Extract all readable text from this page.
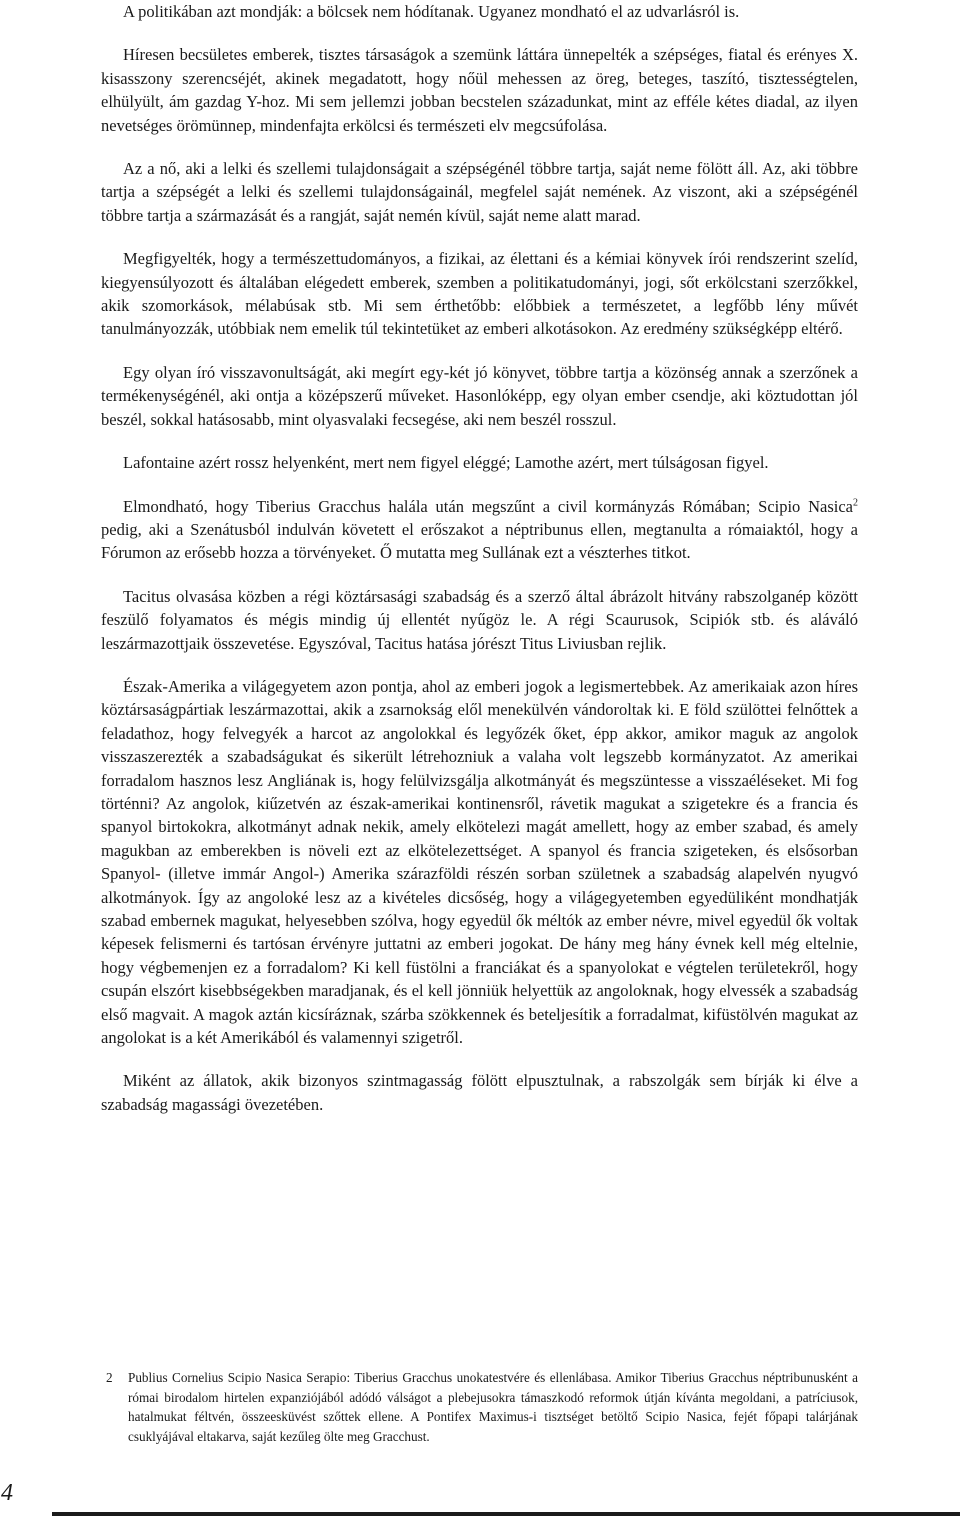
A politikában azt mondják: a bölcsek nem hódítanak. Ugyanez mondható el az udvarlásról is.

Híresen becsületes emberek, tisztes társaságok a szemünk láttára ünnepelték a szépséges, fiatal és erényes X. kisasszony szerencséjét, akinek megadatott, hogy nőül mehessen az öreg, beteges, taszító, tisztességtelen, elhülyült, ám gazdag Y-hoz. Mi sem jellemzi jobban becstelen századunkat, mint az efféle kétes diadal, az ilyen nevetséges örömünnep, mindenfajta erkölcsi és természeti elv megcsúfolása.

Az a nő, aki a lelki és szellemi tulajdonságait a szépségénél többre tartja, saját neme fölött áll. Az, aki többre tartja a szépségét a lelki és szellemi tulajdonságainál, megfelel saját nemének. Az viszont, aki a szépségénél többre tartja a származását és a rangját, saját nemén kívül, saját neme alatt marad.

Megfigyelték, hogy a természettudományos, a fizikai, az élettani és a kémiai könyvek írói rendszerint szelíd, kiegyensúlyozott és általában elégedett emberek, szemben a politikatudományi, jogi, sőt erkölcstani szerzőkkel, akik szomorkások, mélabúsak stb. Mi sem érthetőbb: előbbiek a természetet, a legfőbb lény művét tanulmányozzák, utóbbiak nem emelik túl tekintetüket az emberi alkotásokon. Az eredmény szükségképp eltérő.

Egy olyan író visszavonultságát, aki megírt egy-két jó könyvet, többre tartja a közönség annak a szerzőnek a termékenységénél, aki ontja a középszerű műveket. Hasonlóképp, egy olyan ember csendje, aki köztudottan jól beszél, sokkal hatásosabb, mint olyasvalaki fecsegése, aki nem beszél rosszul.

Lafontaine azért rossz helyenként, mert nem figyel eléggé; Lamothe azért, mert túlságosan figyel.

Elmondható, hogy Tiberius Gracchus halála után megszűnt a civil kormányzás Rómában; Scipio Nasica$^2$ pedig, aki a Szenátusból indulván követett el erőszakot a néptribunus ellen, megtanulta a rómaiaktól, hogy a Fórumon az erősebb hozza a törvényeket. Ő mutatta meg Sullának ezt a vészterhes titkot.

Tacitus olvasása közben a régi köztársasági szabadság és a szerző által ábrázolt hitvány rabszolganép között feszülő folyamatos és mégis mindig új ellentét nyűgöz le. A régi Scaurusok, Scipiók stb. és aláváló leszármazottjaik összevetése. Egyszóval, Tacitus hatása jórészt Titus Liviusban rejlik.

Észak-Amerika a világegyetem azon pontja, ahol az emberi jogok a legismertebbek. Az amerikaiak azon híres köztársaságpártiak leszármazottai, akik a zsarnokság elől menekülvén vándoroltak ki. E föld szülöttei felnőttek a feladathoz, hogy felvegyék a harcot az angolokkal és legyőzék őket, épp akkor, amikor maguk az angolok visszaszerezték a szabadságukat és sikerült létrehozniuk a valaha volt legszebb kormányzatot. Az amerikai forradalom hasznos lesz Angliának is, hogy felülvizsgálja alkotmányát és megszüntesse a visszaéléseket. Mi fog történni? Az angolok, kiűzetvén az észak-amerikai kontinensről, rávetik magukat a szigetekre és a francia és spanyol birtokokra, alkotmányt adnak nekik, amely elkötelezi magát amellett, hogy az ember szabad, és amely magukban az emberekben is növeli ezt az elkötelezettséget. A spanyol és francia szigeteken, és elsősorban Spanyol- (illetve immár Angol-) Amerika szárazföldi részén sorban születnek a szabadság alapelvén nyugvó alkotmányok. Így az angoloké lesz az a kivételes dicsőség, hogy a világegyetemben egyedüliként mondhatják szabad embernek magukat, helyesebben szólva, hogy egyedül ők méltók az ember névre, mivel egyedül ők voltak képesek felismerni és tartósan érvényre juttatni az emberi jogokat. De hány meg hány évnek kell még eltelnie, hogy végbemenjen ez a forradalom? Ki kell füstölni a franciákat és a spanyolokat e végtelen területekről, hogy csupán elszórt kisebbségekben maradjanak, és el kell jönniük helyettük az angoloknak, hogy elvessék a szabadság első magvait. A magok aztán kicsíráznak, szárba szökkennek és beteljesítik a forradalmat, kifüstölvén magukat az angolokat is a két Amerikából és valamennyi szigetről.

Miként az állatok, akik bizonyos szintmagasság fölött elpusztulnak, a rabszolgák sem bírják ki élve a szabadság magassági övezetében.

2 Publius Cornelius Scipio Nasica Serapio: Tiberius Gracchus unokatestvére és ellenlábasa. Amikor Tiberius Gracchus néptribunusként a római birodalom hirtelen expanziójából adódó válságot a plebejusokra támaszkodó reformok útján kívánta megoldani, a patríciusok, hatalmukat féltvén, összeesküvést szőttek ellene. A Pontifex Maximus-i tisztséget betöltő Scipio Nasica, fejét főpapi talárjának csuklyájával eltakarva, saját kezűleg ölte meg Gracchust.
4
